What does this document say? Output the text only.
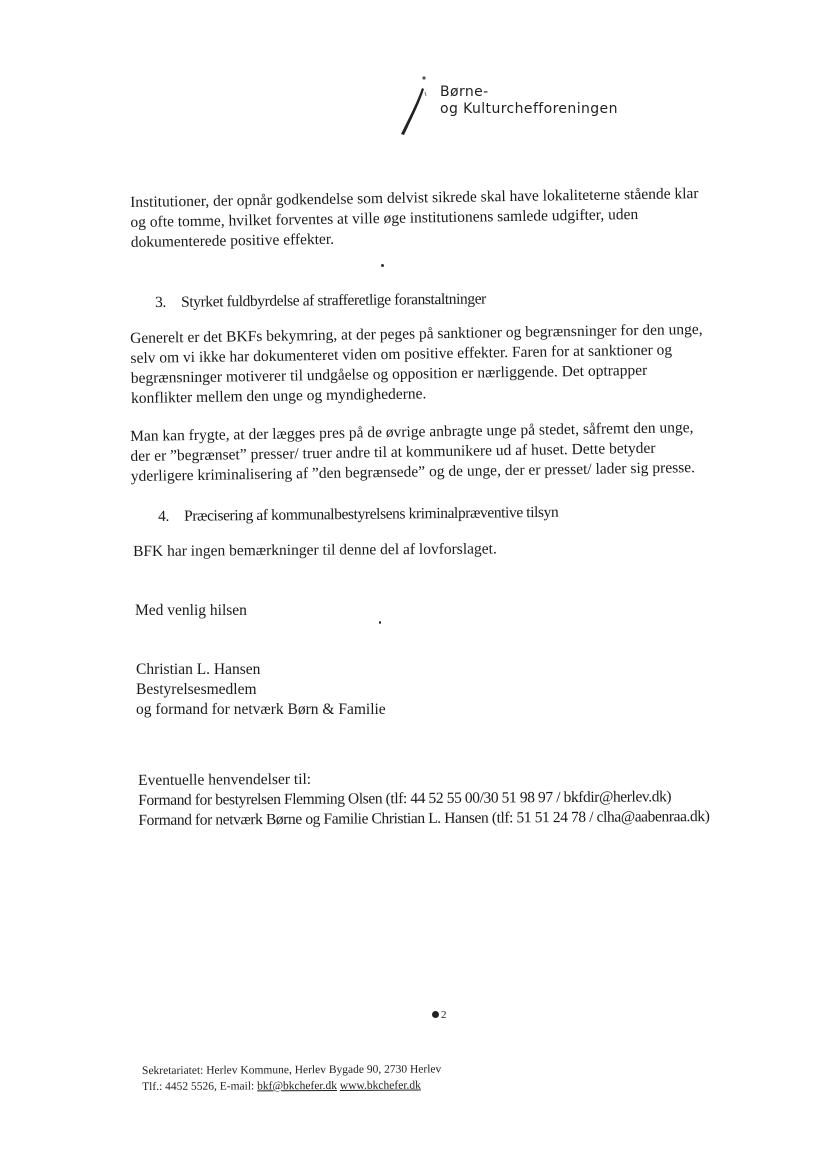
Børne-
og Kulturchefforeningen
Institutioner, der opnår godkendelse som delvist sikrede skal have lokaliteterne stående klar
og ofte tomme, hvilket forventes at ville øge institutionens samlede udgifter, uden
dokumenterede positive effekter.
3. Styrket fuldbyrdelse af strafferetlige foranstaltninger
Generelt er det BKFs bekymring, at der peges på sanktioner og begrænsninger for den unge,
selv om vi ikke har dokumenteret viden om positive effekter. Faren for at sanktioner og
begrænsninger motiverer til undgåelse og opposition er nærliggende. Det optrapper
konflikter mellem den unge og myndighederne.
Man kan frygte, at der lægges pres på de øvrige anbragte unge på stedet, såfremt den unge,
der er ”begrænset” presser/ truer andre til at kommunikere ud af huset. Dette betyder
yderligere kriminalisering af ”den begrænsede” og de unge, der er presset/ lader sig presse.
4. Præcisering af kommunalbestyrelsens kriminalpræventive tilsyn
BFK har ingen bemærkninger til denne del af lovforslaget.
Med venlig hilsen
Christian L. Hansen
Bestyrelsesmedlem
og formand for netværk Børn & Familie
Eventuelle henvendelser til:
Formand for bestyrelsen Flemming Olsen (tlf: 44 52 55 00/30 51 98 97 / bkfdir@herlev.dk)
Formand for netværk Børne og Familie Christian L. Hansen (tlf: 51 51 24 78 / clha@aabenraa.dk)
2
Sekretariatet: Herlev Kommune, Herlev Bygade 90, 2730 Herlev
Tlf.: 4452 5526, E-mail: bkf@bkchefer.dk www.bkchefer.dk
